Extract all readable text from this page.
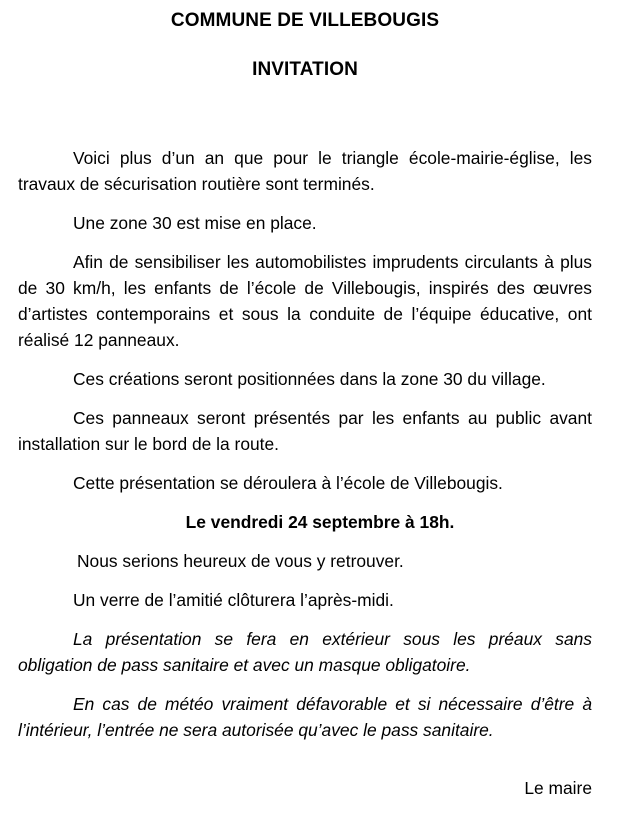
COMMUNE DE VILLEBOUGIS
INVITATION

Voici plus d’un an que pour le triangle école-mairie-église, les travaux de sécurisation routière sont terminés.

Une zone 30 est mise en place.

Afin de sensibiliser les automobilistes imprudents circulants à plus de 30 km/h, les enfants de l’école de Villebougis, inspirés des œuvres d’artistes contemporains et sous la conduite de l’équipe éducative, ont réalisé 12 panneaux.

Ces créations seront positionnées dans la zone 30 du village.

Ces panneaux seront présentés par les enfants au public avant installation sur le bord de la route.

Cette présentation se déroulera à l’école de Villebougis.

Le vendredi 24 septembre à 18h.

Nous serions heureux de vous y retrouver.

Un verre de l’amitié clôturera l’après-midi.

La présentation se fera en extérieur sous les préaux sans obligation de pass sanitaire et avec un masque obligatoire.

En cas de météo vraiment défavorable et si nécessaire d’être à l’intérieur, l’entrée ne sera autorisée qu’avec le pass sanitaire.

Le maire
